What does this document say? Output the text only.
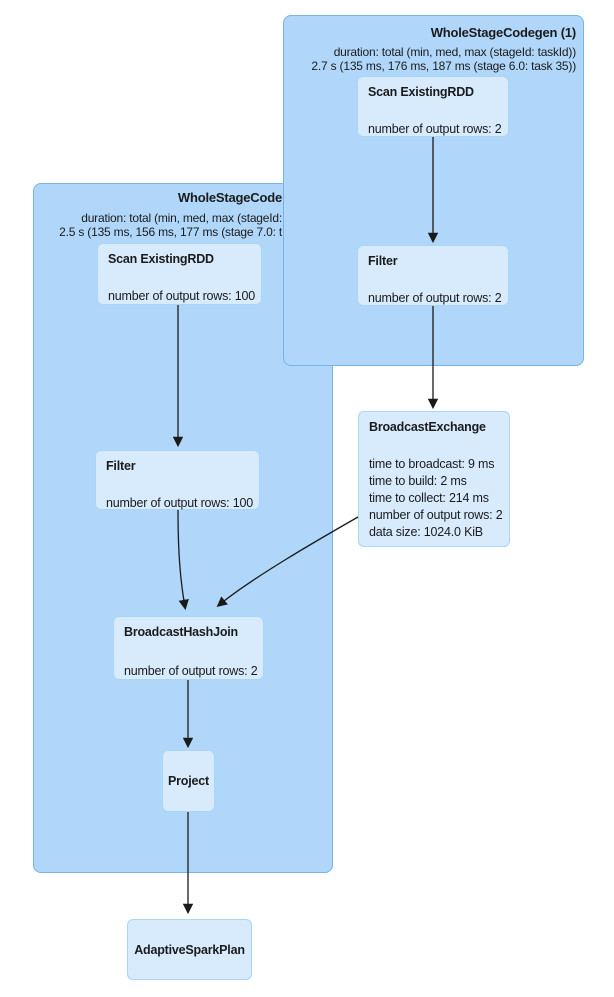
WholeStageCode
duration: total (min, med, max (stageId:
2.5 s (135 ms, 156 ms, 177 ms (stage 7.0: t
WholeStageCodegen (1)
duration: total (min, med, max (stageId: taskId))
2.7 s (135 ms, 176 ms, 187 ms (stage 6.0: task 35))
Scan ExistingRDD
number of output rows: 2
Filter
number of output rows: 2
BroadcastExchange
time to broadcast: 9 ms
time to build: 2 ms
time to collect: 214 ms
number of output rows: 2
data size: 1024.0 KiB
Scan ExistingRDD
number of output rows: 100
Filter
number of output rows: 100
BroadcastHashJoin
number of output rows: 2
Project
AdaptiveSparkPlan
